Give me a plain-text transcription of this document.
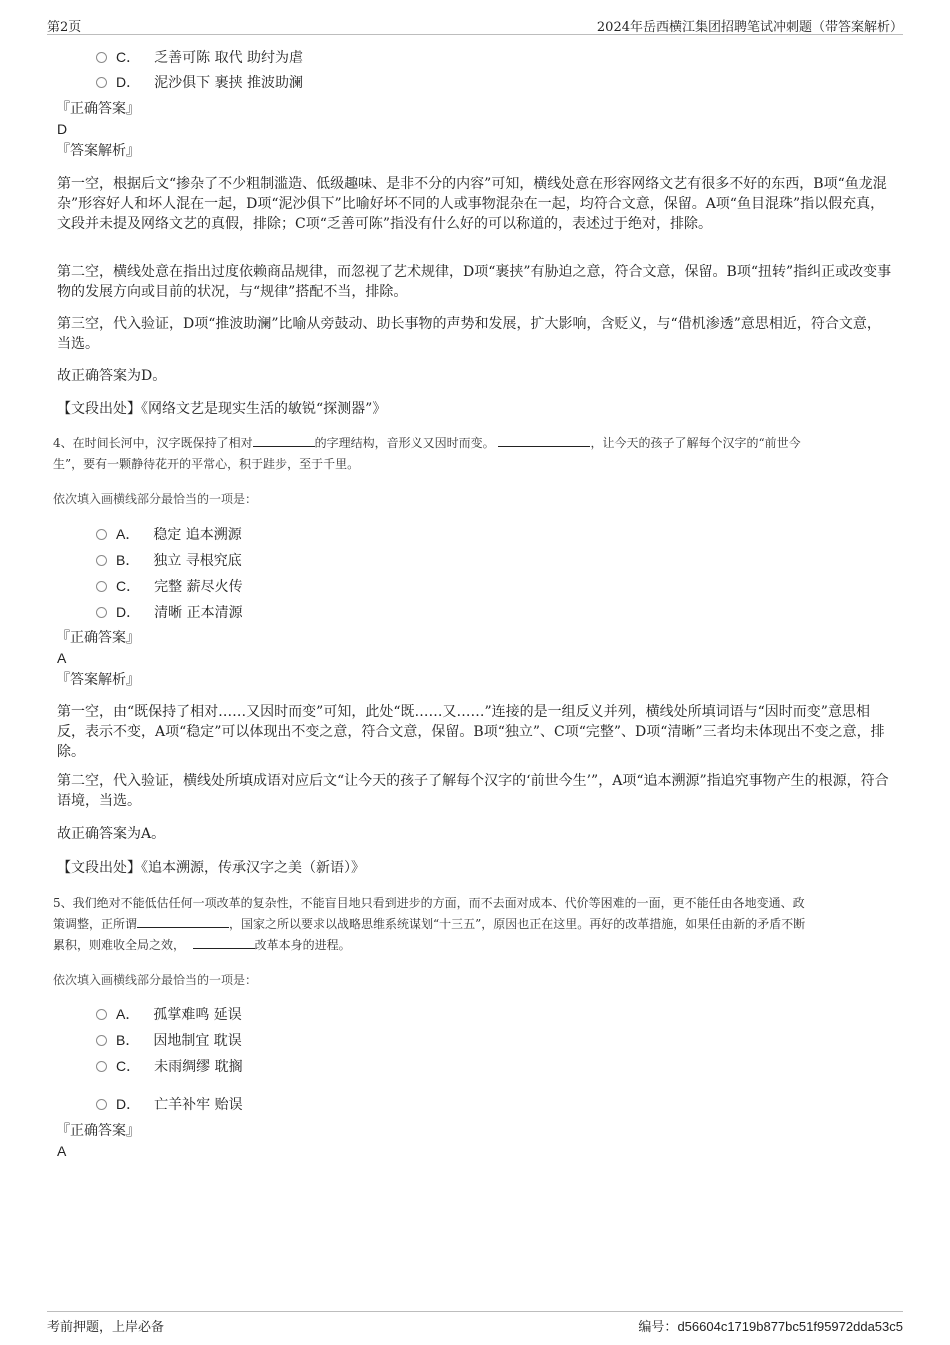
第2页	2024年岳西横江集团招聘笔试冲刺题（带答案解析）
C． 乏善可陈 取代 助纣为虐
D． 泥沙俱下 裹挟 推波助澜
『正确答案』
D
『答案解析』
第一空，根据后文“掺杂了不少粗制滥造、低级趣味、是非不分的内容”可知，横线处意在形容网络文艺有很多不好的东西，B项“鱼龙混杂”形容好人和坏人混在一起，D项“泥沙俱下”比喻好坏不同的人或事物混杂在一起，均符合文意，保留。A项“鱼目混珠”指以假充真，文段并未提及网络文艺的真假，排除；C项“乏善可陈”指没有什么好的可以称道的，表述过于绝对，排除。
第二空，横线处意在指出过度依赖商品规律，而忽视了艺术规律，D项“裹挟”有胁迫之意，符合文意，保留。B项“扭转”指纠正或改变事物的发展方向或目前的状况，与“规律”搭配不当，排除。
第三空，代入验证，D项“推波助澜”比喻从旁鼓动、助长事物的声势和发展，扩大影响，含贬义，与“借机渗透”意思相近，符合文意，当选。
故正确答案为D。
【文段出处】《网络文艺是现实生活的敏锐“探测器”》
4、在时间长河中，汉字既保持了相对	的字理结构，音形义又因时而变。	，让今天的孩子了解每个汉字的“前世今
生”，要有一颗静待花开的平常心，积于跬步，至于千里。
依次填入画横线部分最恰当的一项是：
A． 稳定 追本溯源
B． 独立 寻根究底
C． 完整 薪尽火传
D． 清晰 正本清源
『正确答案』
A
『答案解析』
第一空，由“既保持了相对……又因时而变”可知，此处“既……又……”连接的是一组反义并列，横线处所填词语与“因时而变”意思相反，表示不变，A项“稳定”可以体现出不变之意，符合文意，保留。B项“独立”、C项“完整”、D项“清晰”三者均未体现出不变之意，排除。
第二空，代入验证，横线处所填成语对应后文“让今天的孩子了解每个汉字的‘前世今生’”，A项“追本溯源”指追究事物产生的根源，符合语境，当选。
故正确答案为A。
【文段出处】《追本溯源，传承汉字之美（新语）》
5、我们绝对不能低估任何一项改革的复杂性，不能盲目地只看到进步的方面，而不去面对成本、代价等困难的一面，更不能任由各地变通、政
策调整，正所谓	，国家之所以要求以战略思维系统谋划“十三五”，原因也正在这里。再好的改革措施，如果任由新的矛盾不断
累积，则难收全局之效，	改革本身的进程。
依次填入画横线部分最恰当的一项是：
A． 孤掌难鸣 延误
B． 因地制宜 耽误
C． 未雨绸缪 耽搁
D． 亡羊补牢 贻误
『正确答案』
A
考前押题，上岸必备	编号：d56604c1719b877bc51f95972dda53c5
